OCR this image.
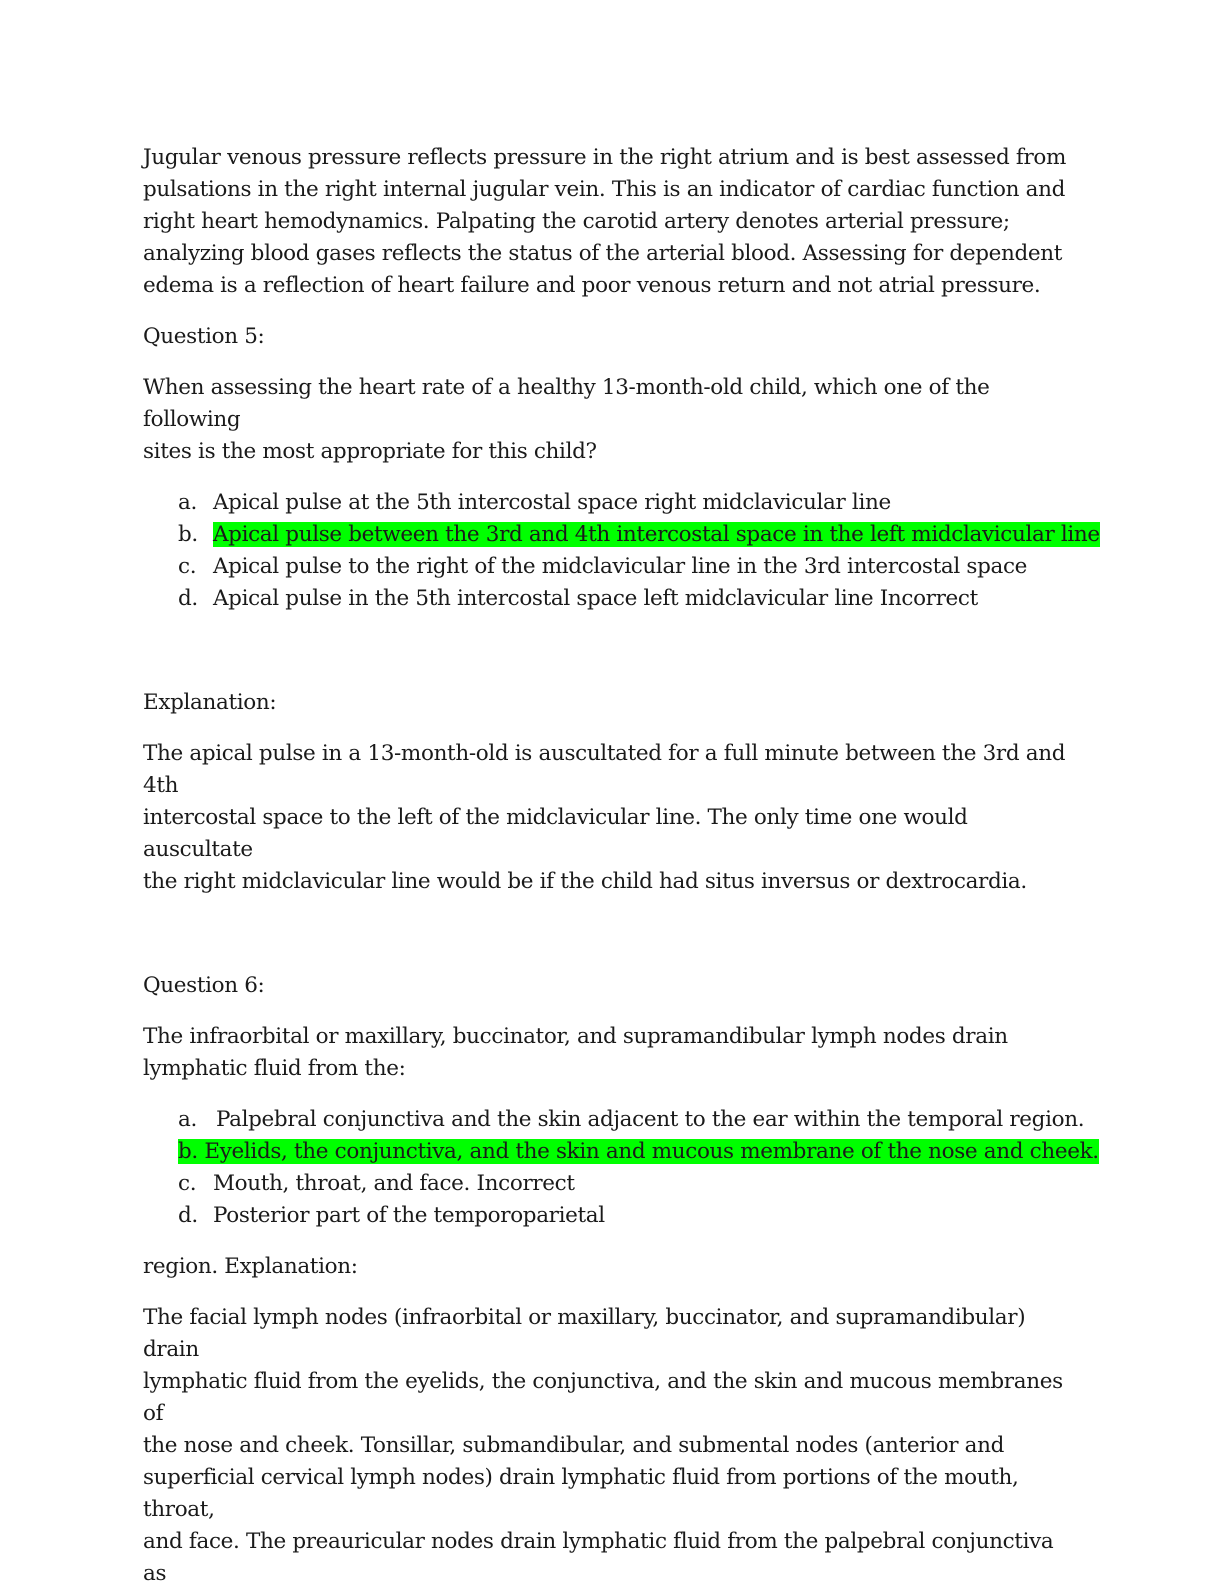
Jugular venous pressure reflects pressure in the right atrium and is best assessed from
pulsations in the right internal jugular vein. This is an indicator of cardiac function and
right heart hemodynamics. Palpating the carotid artery denotes arterial pressure;
analyzing blood gases reflects the status of the arterial blood. Assessing for dependent
edema is a reflection of heart failure and poor venous return and not atrial pressure.

Question 5:

When assessing the heart rate of a healthy 13-month-old child, which one of the following
sites is the most appropriate for this child?

a. Apical pulse at the 5th intercostal space right midclavicular line
b. Apical pulse between the 3rd and 4th intercostal space in the left midclavicular line
c. Apical pulse to the right of the midclavicular line in the 3rd intercostal space
d. Apical pulse in the 5th intercostal space left midclavicular line Incorrect

Explanation:

The apical pulse in a 13-month-old is auscultated for a full minute between the 3rd and 4th
intercostal space to the left of the midclavicular line. The only time one would auscultate
the right midclavicular line would be if the child had situs inversus or dextrocardia.

Question 6:

The infraorbital or maxillary, buccinator, and supramandibular lymph nodes drain
lymphatic fluid from the:

a. Palpebral conjunctiva and the skin adjacent to the ear within the temporal region.
b. Eyelids, the conjunctiva, and the skin and mucous membrane of the nose and cheek.
c. Mouth, throat, and face. Incorrect
d. Posterior part of the temporoparietal

region. Explanation:

The facial lymph nodes (infraorbital or maxillary, buccinator, and supramandibular) drain
lymphatic fluid from the eyelids, the conjunctiva, and the skin and mucous membranes of
the nose and cheek. Tonsillar, submandibular, and submental nodes (anterior and
superficial cervical lymph nodes) drain lymphatic fluid from portions of the mouth, throat,
and face. The preauricular nodes drain lymphatic fluid from the palpebral conjunctiva as
